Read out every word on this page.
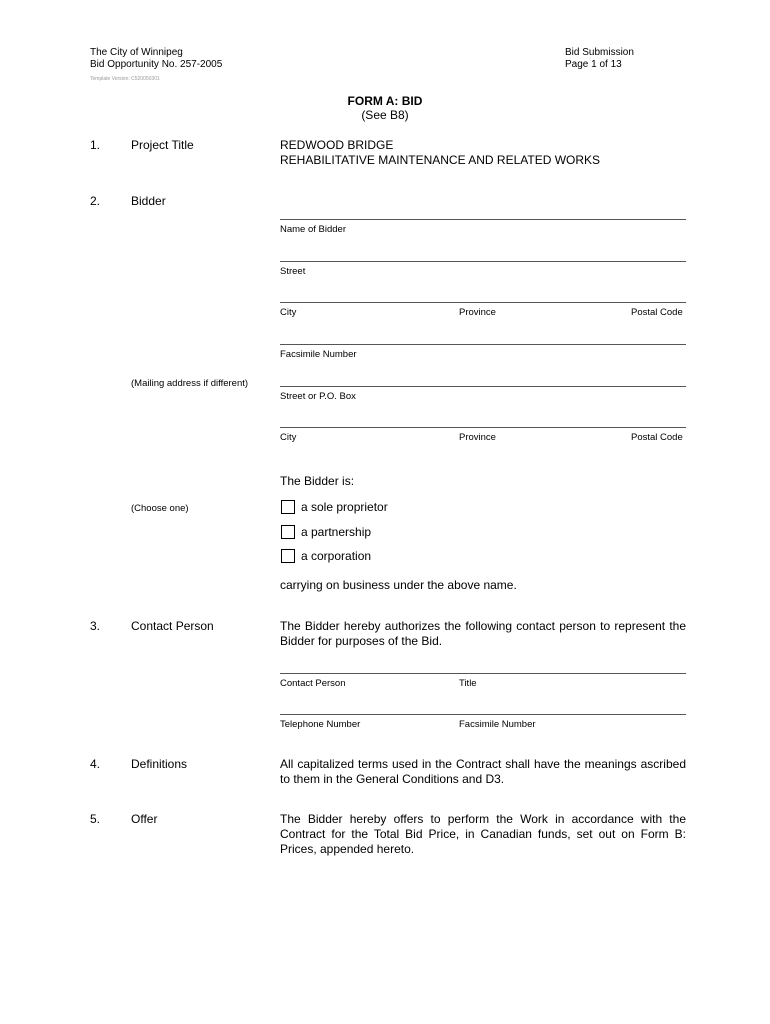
The City of Winnipeg
Bid Opportunity No. 257-2005
Template Version: C520050301
Bid Submission
Page 1 of 13
FORM A: BID
(See B8)
1.	Project Title	REDWOOD BRIDGE
REHABILITATIVE MAINTENANCE AND RELATED WORKS
2.	Bidder
Name of Bidder
Street
City	Province	Postal Code
Facsimile Number
(Mailing address if different)
Street or P.O. Box
City	Province	Postal Code
The Bidder is:
(Choose one)	a sole proprietor
a partnership
a corporation
carrying on business under the above name.
3.	Contact Person	The Bidder hereby authorizes the following contact person to represent the Bidder for purposes of the Bid.
Contact Person	Title
Telephone Number	Facsimile Number
4.	Definitions	All capitalized terms used in the Contract shall have the meanings ascribed to them in the General Conditions and D3.
5.	Offer	The Bidder hereby offers to perform the Work in accordance with the Contract for the Total Bid Price, in Canadian funds, set out on Form B: Prices, appended hereto.
